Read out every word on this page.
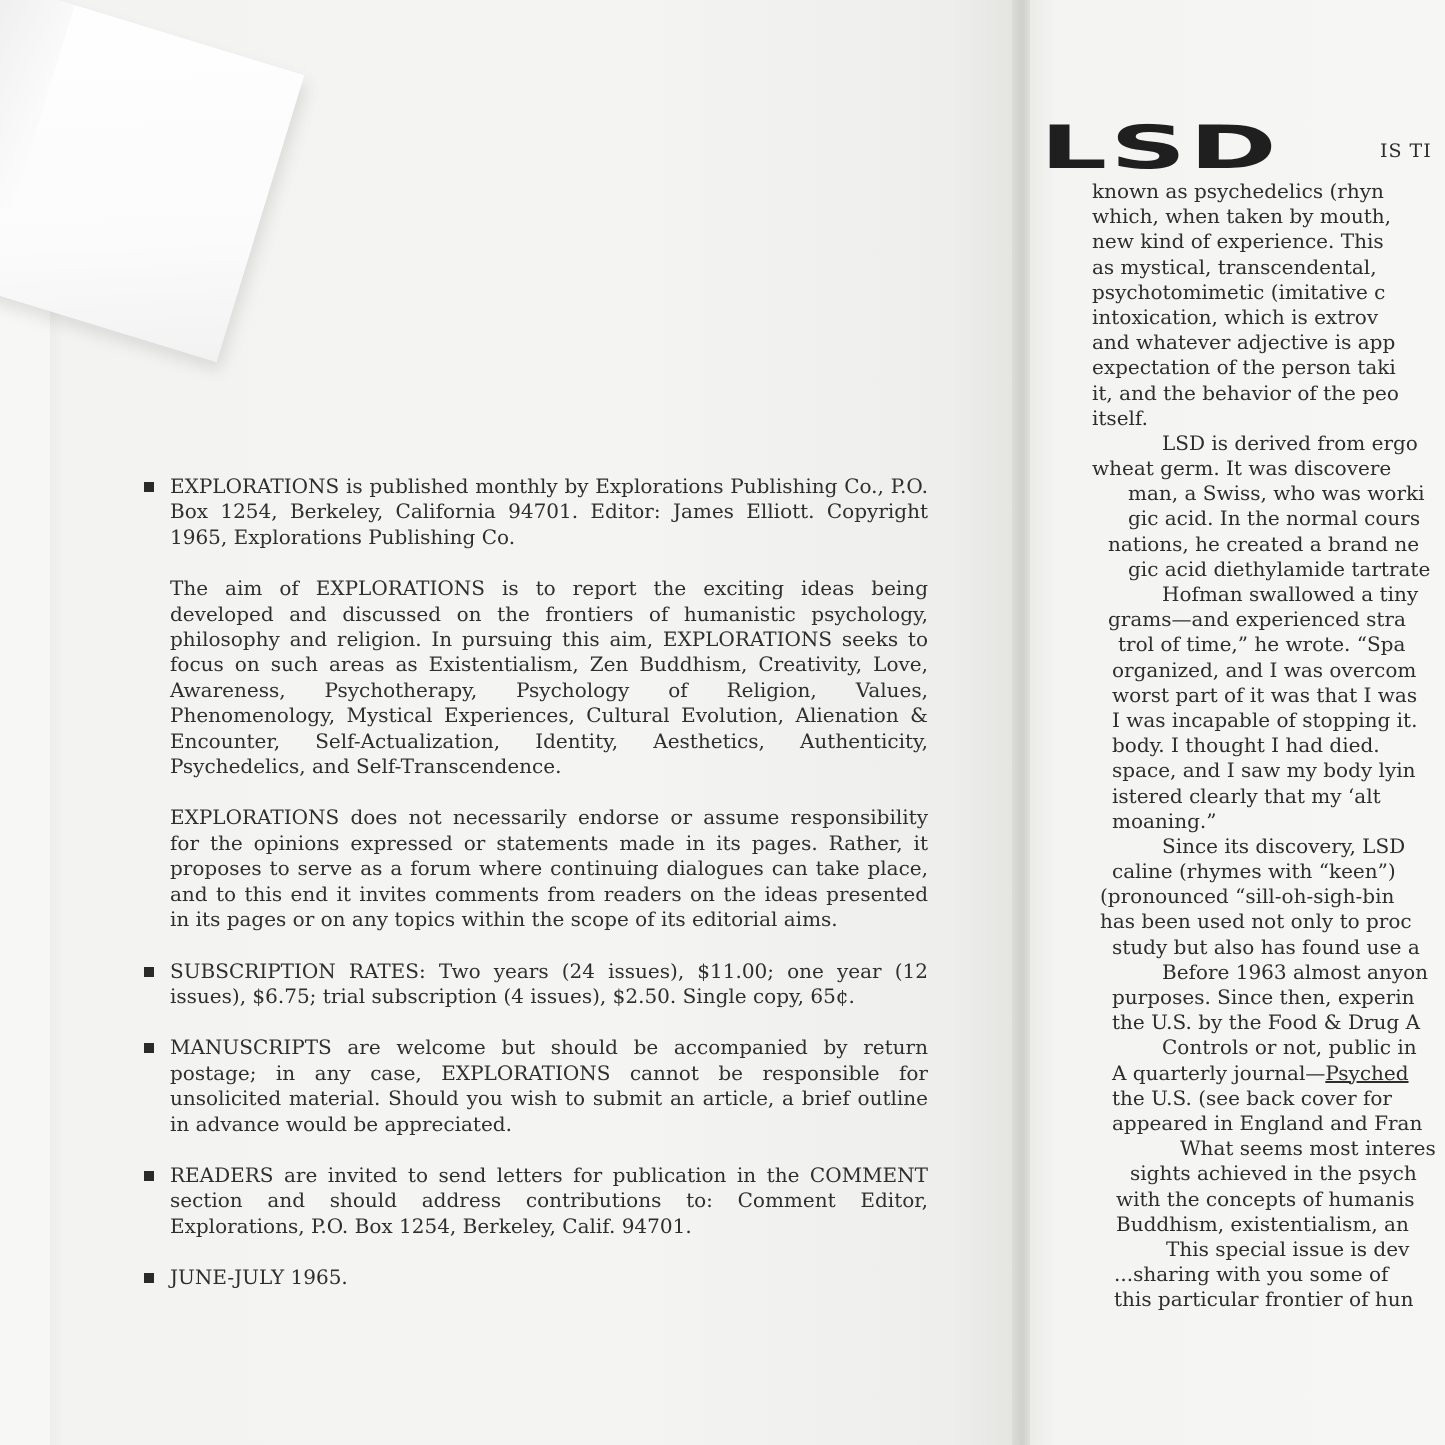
EXPLORATIONS is published monthly by Explorations Publishing Co., P.O. Box 1254, Berkeley, California 94701. Editor: James Elliott. Copyright 1965, Explorations Publishing Co.

The aim of EXPLORATIONS is to report the exciting ideas being developed and discussed on the frontiers of humanistic psychology, philosophy and religion. In pursuing this aim, EXPLORATIONS seeks to focus on such areas as Existentialism, Zen Buddhism, Creativity, Love, Awareness, Psychotherapy, Psychology of Religion, Values, Phenomenology, Mystical Experiences, Cultural Evolution, Alienation & Encounter, Self-Actualization, Identity, Aesthetics, Authenticity, Psychedelics, and Self-Transcendence.

EXPLORATIONS does not necessarily endorse or assume responsibility for the opinions expressed or statements made in its pages. Rather, it proposes to serve as a forum where continuing dialogues can take place, and to this end it invites comments from readers on the ideas presented in its pages or on any topics within the scope of its editorial aims.

SUBSCRIPTION RATES: Two years (24 issues), $11.00; one year (12 issues), $6.75; trial subscription (4 issues), $2.50. Single copy, 65¢.

MANUSCRIPTS are welcome but should be accompanied by return postage; in any case, EXPLORATIONS cannot be responsible for unsolicited material. Should you wish to submit an article, a brief outline in advance would be appreciated.

READERS are invited to send letters for publication in the COMMENT section and should address contributions to: Comment Editor, Explorations, P.O. Box 1254, Berkeley, Calif. 94701.

JUNE-JULY 1965.

LSD	IS TI
known as psychedelics (rhyn
which, when taken by mouth,
new kind of experience. This
as mystical, transcendental,
psychotomimetic (imitative c
intoxication, which is extrov
and whatever adjective is app
expectation of the person taki
it, and the behavior of the peo
itself.
LSD is derived from ergo
wheat germ. It was discovere
man, a Swiss, who was worki
gic acid. In the normal cours
nations, he created a brand ne
gic acid diethylamide tartrate
Hofman swallowed a tiny
grams—and experienced stra
trol of time,” he wrote. “Spa
organized, and I was overcom
worst part of it was that I was
I was incapable of stopping it.
body. I thought I had died.
space, and I saw my body lyin
istered clearly that my ‘alt
moaning.”
Since its discovery, LSD
caline (rhymes with “keen”)
(pronounced “sill-oh-sigh-bin
has been used not only to proc
study but also has found use a
Before 1963 almost anyon
purposes. Since then, experin
the U.S. by the Food & Drug A
Controls or not, public in
A quarterly journal—Psyched
the U.S. (see back cover for
appeared in England and Fran
What seems most interes
sights achieved in the psych
with the concepts of humanis
Buddhism, existentialism, an
This special issue is dev
...sharing with you some of
this particular frontier of hun
